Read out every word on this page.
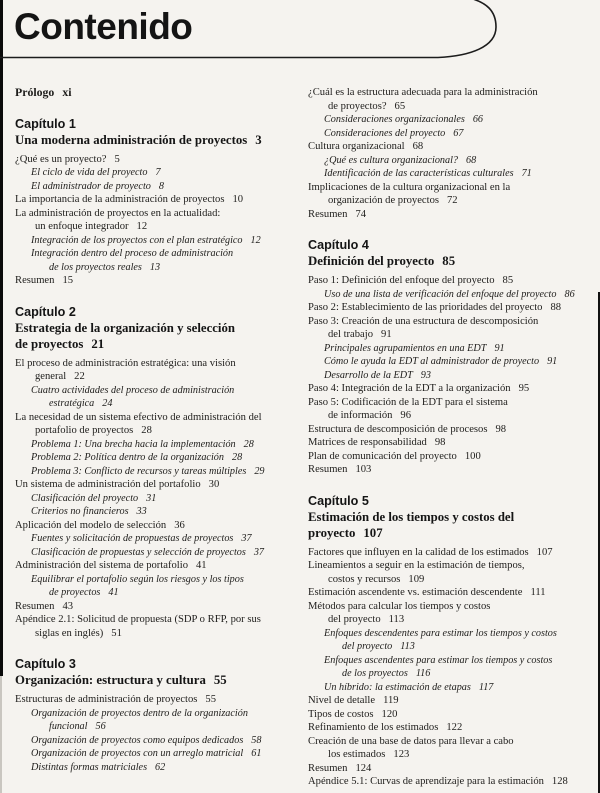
Contenido
Prólogo xi
Capítulo 1
Una moderna administración de proyectos 3
¿Qué es un proyecto? 5
El ciclo de vida del proyecto 7
El administrador de proyecto 8
La importancia de la administración de proyectos 10
La administración de proyectos en la actualidad:
un enfoque integrador 12
Integración de los proyectos con el plan estratégico 12
Integración dentro del proceso de administración
de los proyectos reales 13
Resumen 15
Capítulo 2
Estrategia de la organización y selección
de proyectos 21
El proceso de administración estratégica: una visión
general 22
Cuatro actividades del proceso de administración
estratégica 24
La necesidad de un sistema efectivo de administración del
portafolio de proyectos 28
Problema 1: Una brecha hacia la implementación 28
Problema 2: Política dentro de la organización 28
Problema 3: Conflicto de recursos y tareas múltiples 29
Un sistema de administración del portafolio 30
Clasificación del proyecto 31
Criterios no financieros 33
Aplicación del modelo de selección 36
Fuentes y solicitación de propuestas de proyectos 37
Clasificación de propuestas y selección de proyectos 37
Administración del sistema de portafolio 41
Equilibrar el portafolio según los riesgos y los tipos
de proyectos 41
Resumen 43
Apéndice 2.1: Solicitud de propuesta (SDP o RFP, por sus
siglas en inglés) 51
Capítulo 3
Organización: estructura y cultura 55
Estructuras de administración de proyectos 55
Organización de proyectos dentro de la organización
funcional 56
Organización de proyectos como equipos dedicados 58
Organización de proyectos con un arreglo matricial 61
Distintas formas matriciales 62
¿Cuál es la estructura adecuada para la administración
de proyectos? 65
Consideraciones organizacionales 66
Consideraciones del proyecto 67
Cultura organizacional 68
¿Qué es cultura organizacional? 68
Identificación de las características culturales 71
Implicaciones de la cultura organizacional en la
organización de proyectos 72
Resumen 74
Capítulo 4
Definición del proyecto 85
Paso 1: Definición del enfoque del proyecto 85
Uso de una lista de verificación del enfoque del proyecto 86
Paso 2: Establecimiento de las prioridades del proyecto 88
Paso 3: Creación de una estructura de descomposición
del trabajo 91
Principales agrupamientos en una EDT 91
Cómo le ayuda la EDT al administrador de proyecto 91
Desarrollo de la EDT 93
Paso 4: Integración de la EDT a la organización 95
Paso 5: Codificación de la EDT para el sistema
de información 96
Estructura de descomposición de procesos 98
Matrices de responsabilidad 98
Plan de comunicación del proyecto 100
Resumen 103
Capítulo 5
Estimación de los tiempos y costos del
proyecto 107
Factores que influyen en la calidad de los estimados 107
Lineamientos a seguir en la estimación de tiempos,
costos y recursos 109
Estimación ascendente vs. estimación descendente 111
Métodos para calcular los tiempos y costos
del proyecto 113
Enfoques descendentes para estimar los tiempos y costos
del proyecto 113
Enfoques ascendentes para estimar los tiempos y costos
de los proyectos 116
Un híbrido: la estimación de etapas 117
Nivel de detalle 119
Tipos de costos 120
Refinamiento de los estimados 122
Creación de una base de datos para llevar a cabo
los estimados 123
Resumen 124
Apéndice 5.1: Curvas de aprendizaje para la estimación 128
